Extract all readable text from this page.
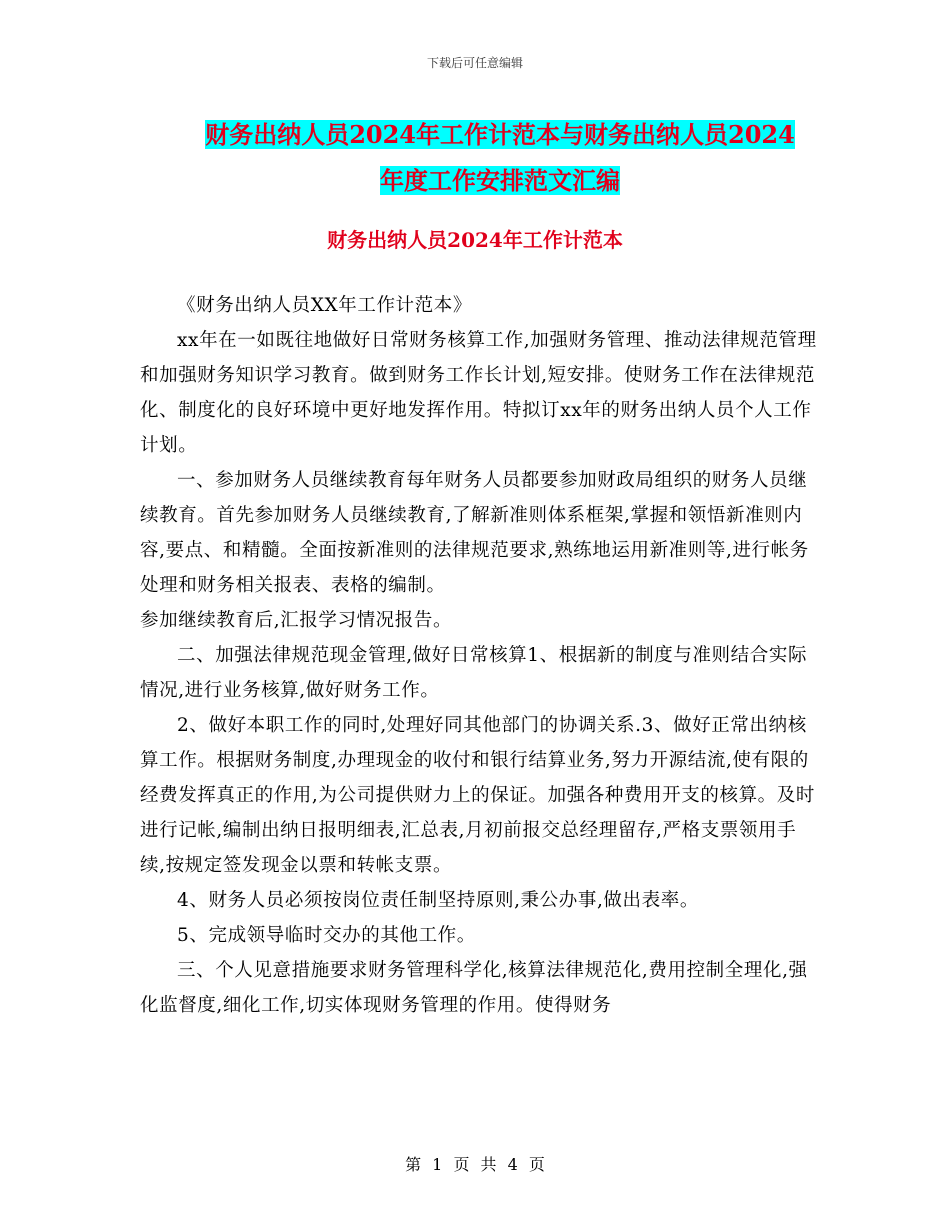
下载后可任意编辑
财务出纳人员2024年工作计范本与财务出纳人员2024
年度工作安排范文汇编
财务出纳人员2024年工作计范本

《财务出纳人员XX年工作计范本》

xx年在一如既往地做好日常财务核算工作,加强财务管理、推动法律规范管理和加强财务知识学习教育。做到财务工作长计划,短安排。使财务工作在法律规范化、制度化的良好环境中更好地发挥作用。特拟订xx年的财务出纳人员个人工作计划。

一、参加财务人员继续教育每年财务人员都要参加财政局组织的财务人员继续教育。首先参加财务人员继续教育,了解新准则体系框架,掌握和领悟新准则内容,要点、和精髓。全面按新准则的法律规范要求,熟练地运用新准则等,进行帐务处理和财务相关报表、表格的编制。

参加继续教育后,汇报学习情况报告。

二、加强法律规范现金管理,做好日常核算1、根据新的制度与准则结合实际情况,进行业务核算,做好财务工作。

2、做好本职工作的同时,处理好同其他部门的协调关系.3、做好正常出纳核算工作。根据财务制度,办理现金的收付和银行结算业务,努力开源结流,使有限的经费发挥真正的作用,为公司提供财力上的保证。加强各种费用开支的核算。及时进行记帐,编制出纳日报明细表,汇总表,月初前报交总经理留存,严格支票领用手续,按规定签发现金以票和转帐支票。

4、财务人员必须按岗位责任制坚持原则,秉公办事,做出表率。

5、完成领导临时交办的其他工作。

三、个人见意措施要求财务管理科学化,核算法律规范化,费用控制全理化,强化监督度,细化工作,切实体现财务管理的作用。使得财务

第 1 页 共 4 页
